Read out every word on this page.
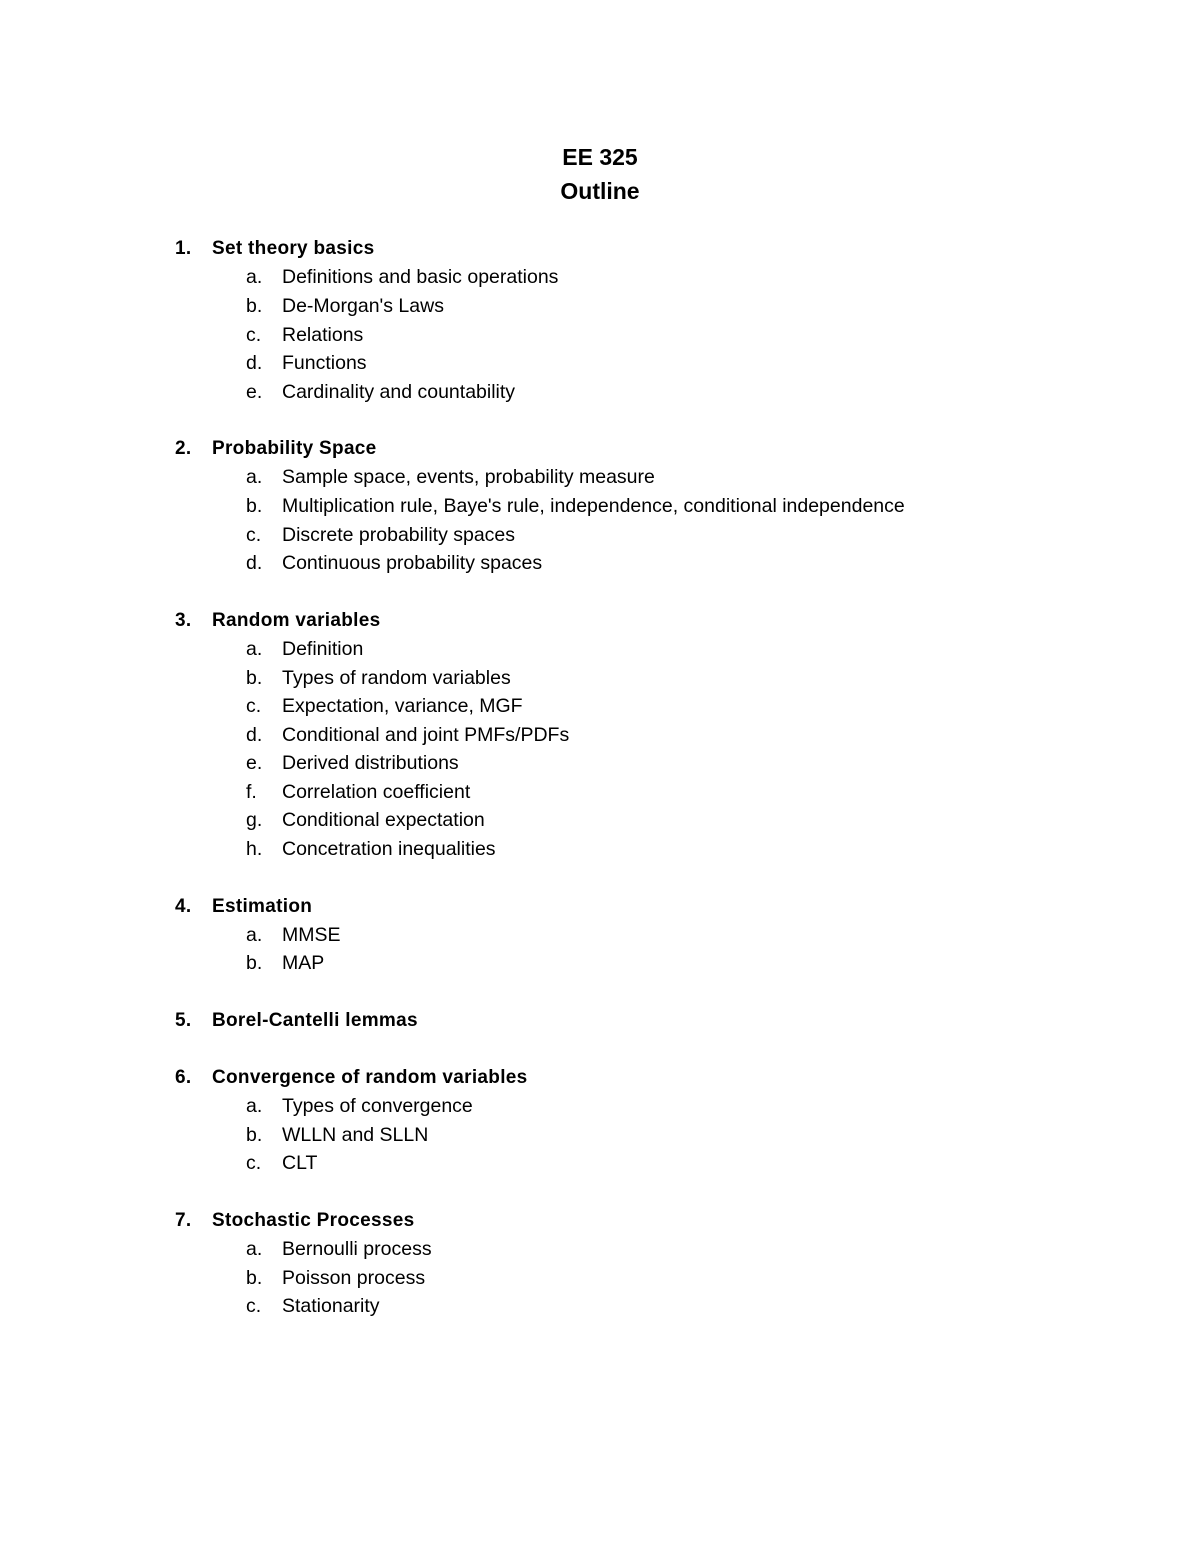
EE 325
Outline
1.	Set theory basics
a.	Definitions and basic operations
b.	De-Morgan's Laws
c.	Relations
d.	Functions
e.	Cardinality and countability
2.	Probability Space
a.	Sample space, events, probability measure
b.	Multiplication rule, Baye's rule, independence, conditional independence
c.	Discrete probability spaces
d.	Continuous probability spaces
3.	Random variables
a.	Definition
b.	Types of random variables
c.	Expectation, variance, MGF
d.	Conditional and joint PMFs/PDFs
e.	Derived distributions
f.	Correlation coefficient
g.	Conditional expectation
h.	Concetration inequalities
4.	Estimation
a.	MMSE
b.	MAP
5.	Borel-Cantelli lemmas
6.	Convergence of random variables
a.	Types of convergence
b.	WLLN and SLLN
c.	CLT
7.	Stochastic Processes
a.	Bernoulli process
b.	Poisson process
c.	Stationarity
